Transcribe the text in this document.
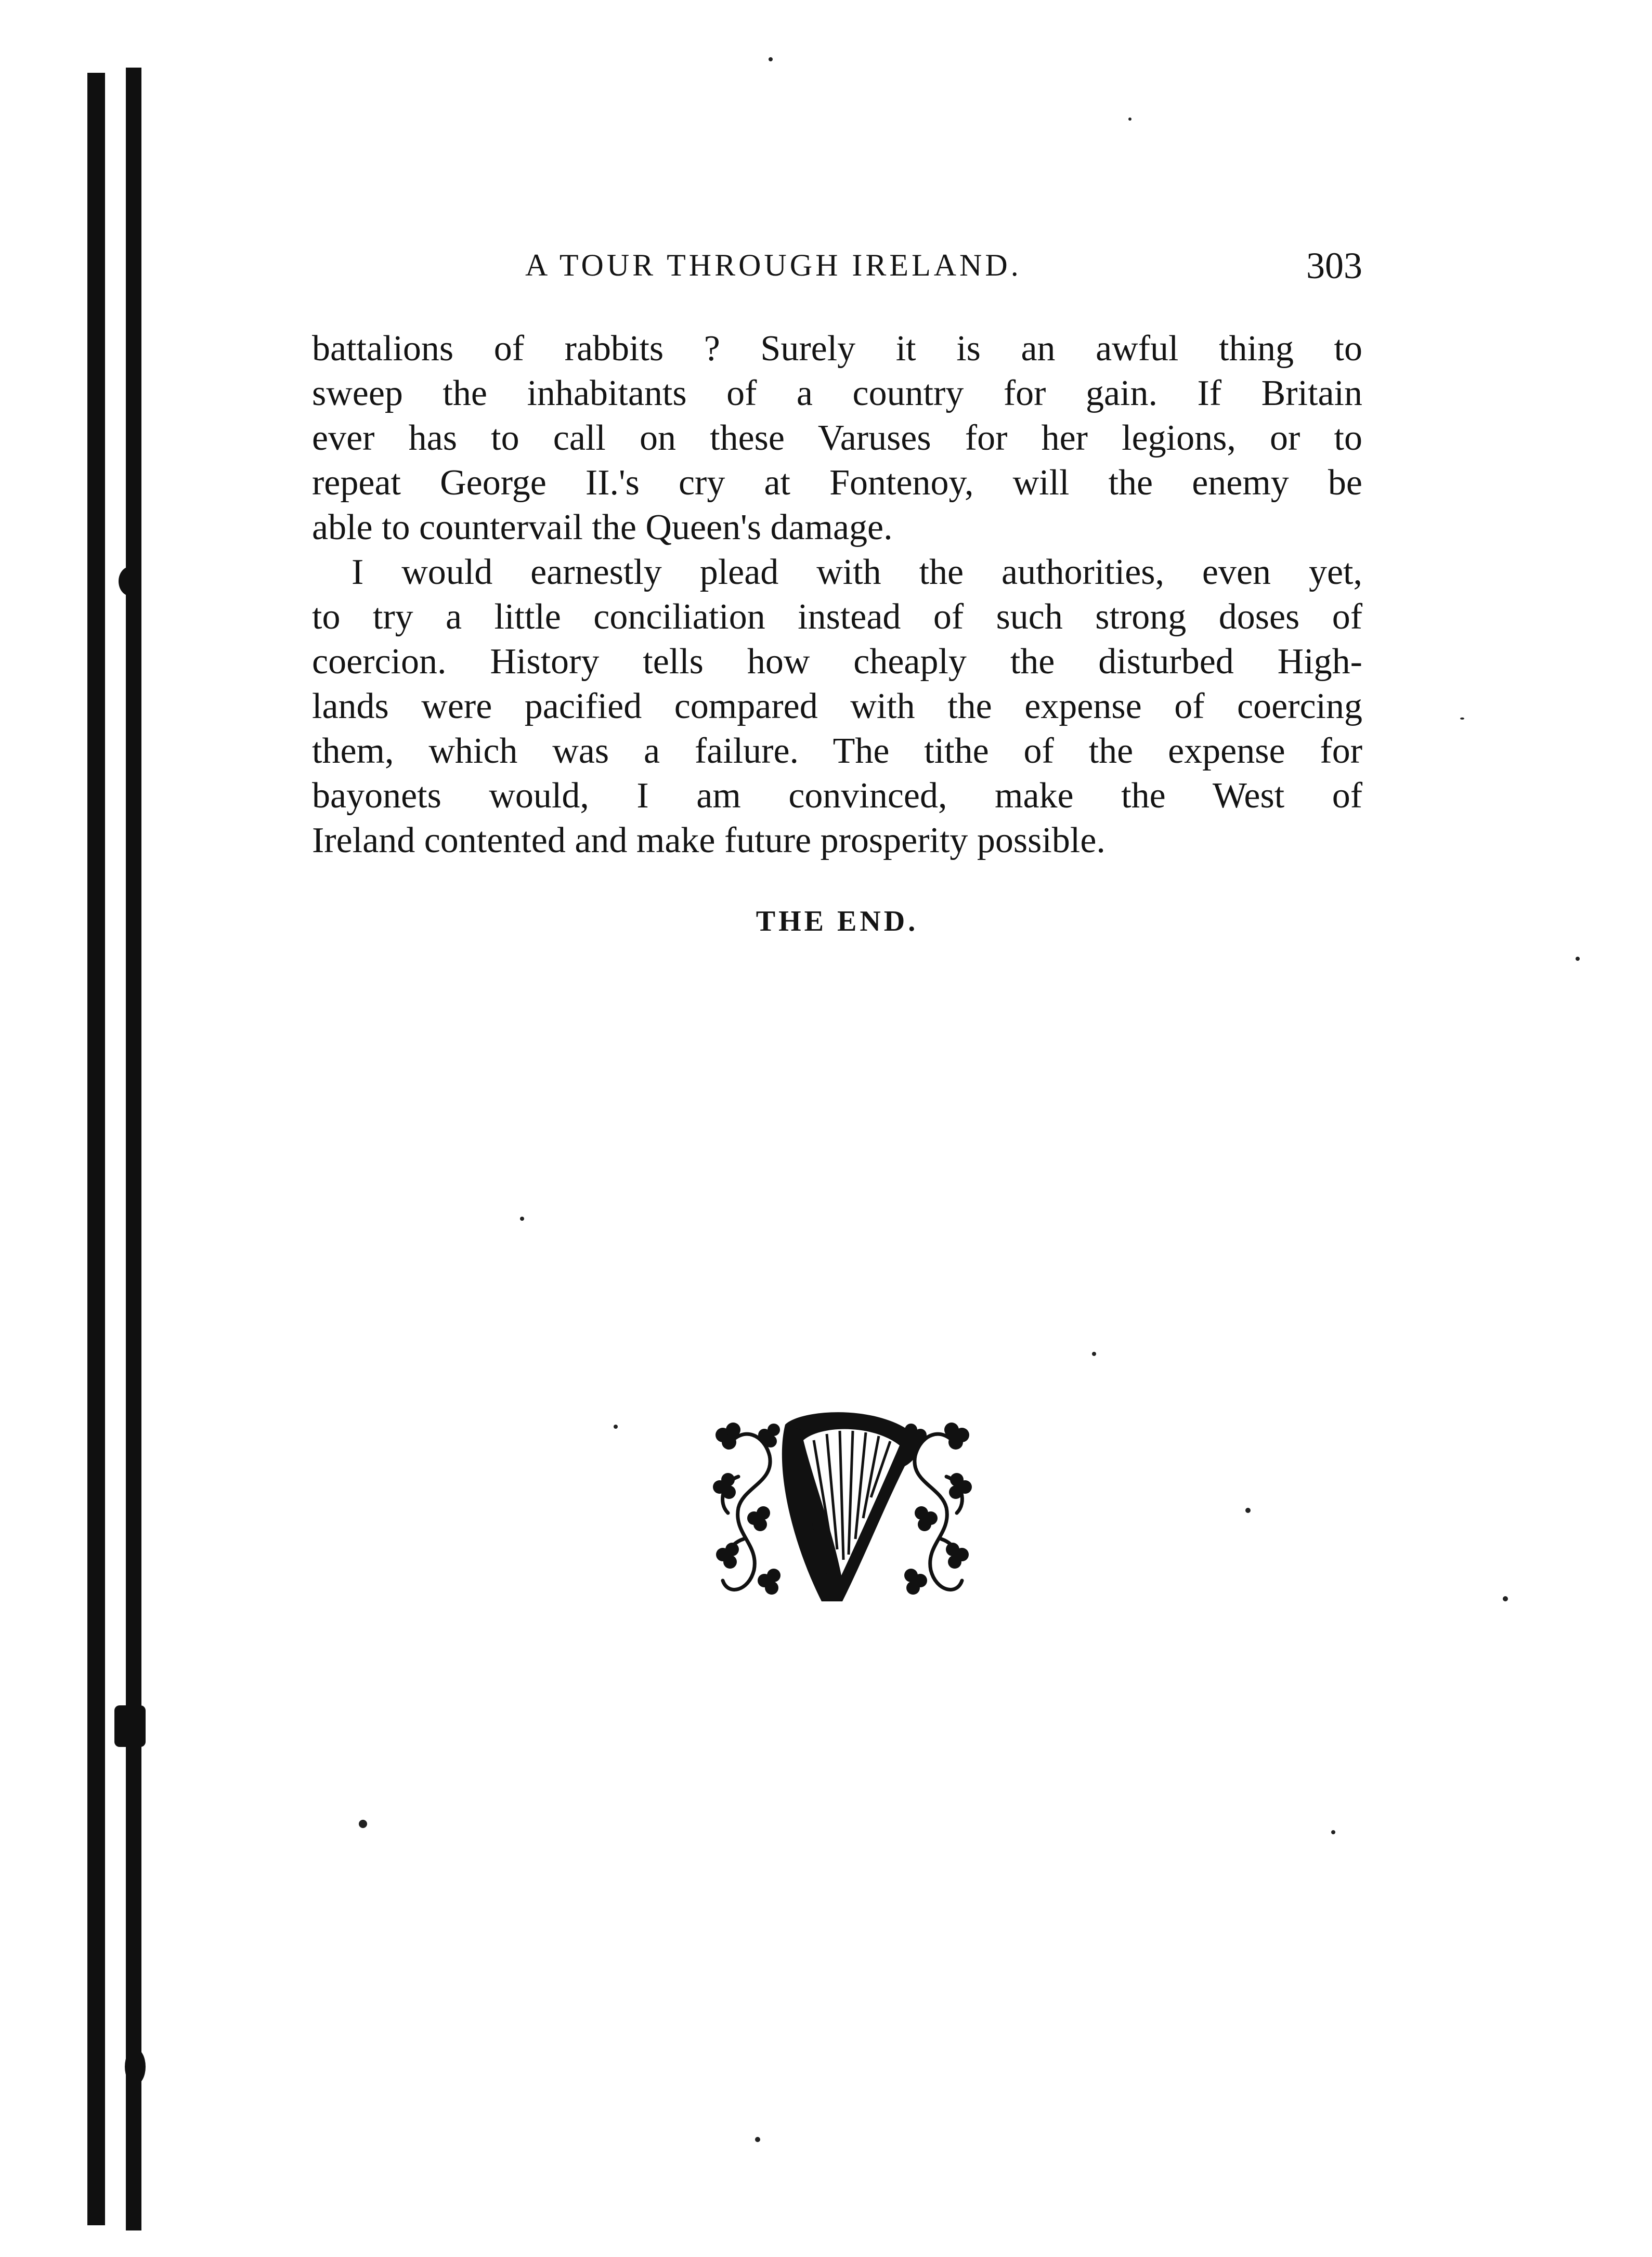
A TOUR THROUGH IRELAND.	303

battalions of rabbits ? Surely it is an awful thing to
sweep the inhabitants of a country for gain. If Britain
ever has to call on these Varuses for her legions, or to
repeat George II.'s cry at Fontenoy, will the enemy be
able to countervail the Queen's damage.

I would earnestly plead with the authorities, even yet,
to try a little conciliation instead of such strong doses of
coercion. History tells how cheaply the disturbed High-
lands were pacified compared with the expense of coercing
them, which was a failure. The tithe of the expense for
bayonets would, I am convinced, make the West of
Ireland contented and make future prosperity possible.

THE END.
